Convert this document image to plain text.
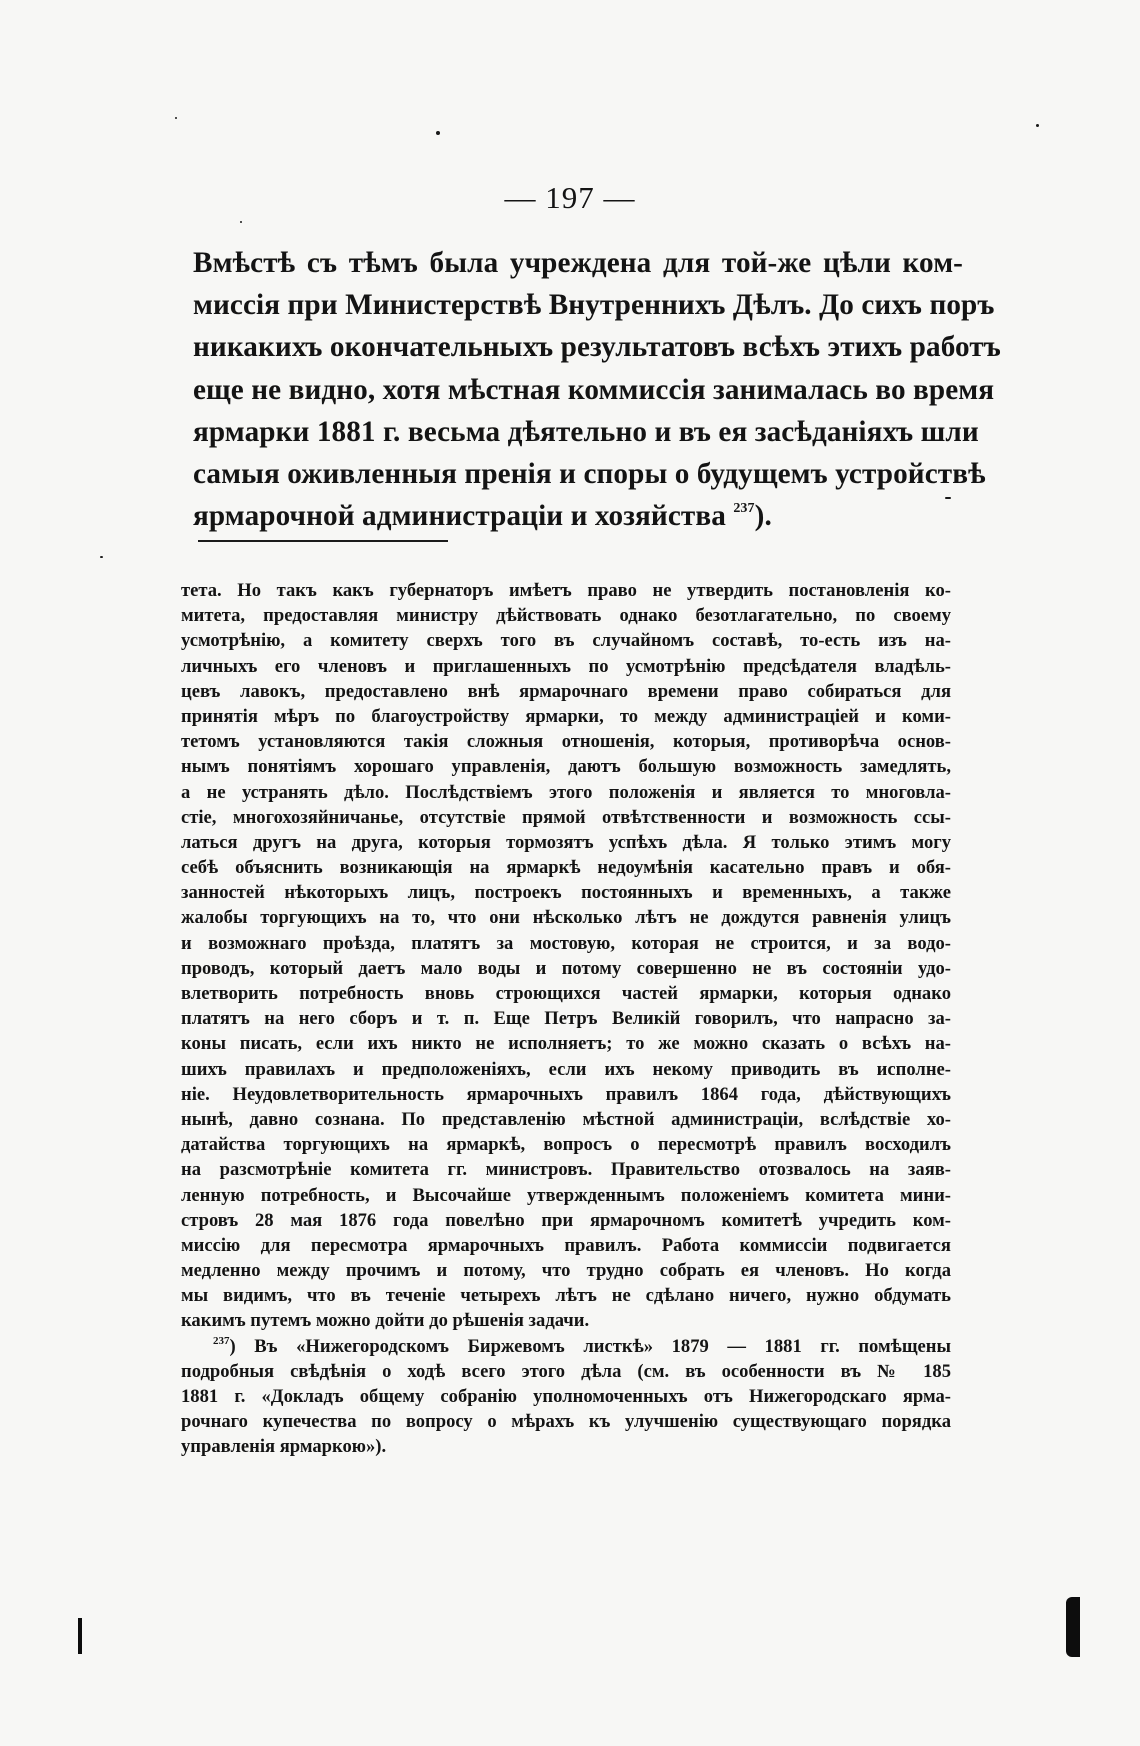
— 197 —
Вмѣстѣ съ тѣмъ была учреждена для той-же цѣли ком-
миссія при Министерствѣ Внутреннихъ Дѣлъ. До сихъ поръ
никакихъ окончательныхъ результатовъ всѣхъ этихъ работъ
еще не видно, хотя мѣстная коммиссія занималась во время
ярмарки 1881 г. весьма дѣятельно и въ ея засѣданіяхъ шли
самыя оживленныя пренія и споры о будущемъ устройствѣ
ярмарочной администраціи и хозяйства $^{237}$).
тета. Но такъ какъ губернаторъ имѣетъ право не утвердить постановленія ко-
митета, предоставляя министру дѣйствовать однако безотлагательно, по своему
усмотрѣнію, а комитету сверхъ того въ случайномъ составѣ, то-есть изъ на-
личныхъ его членовъ и приглашенныхъ по усмотрѣнію предсѣдателя владѣль-
цевъ лавокъ, предоставлено внѣ ярмарочнаго времени право собираться для
принятія мѣръ по благоустройству ярмарки, то между администраціей и коми-
тетомъ установляются такія сложныя отношенія, которыя, противорѣча основ-
нымъ понятіямъ хорошаго управленія, даютъ большую возможность замедлять,
а не устранять дѣло. Послѣдствіемъ этого положенія и является то многовла-
стіе, многохозяйничанье, отсутствіе прямой отвѣтственности и возможность ссы-
латься другъ на друга, которыя тормозятъ успѣхъ дѣла. Я только этимъ могу
себѣ объяснить возникающія на ярмаркѣ недоумѣнія касательно правъ и обя-
занностей нѣкоторыхъ лицъ, построекъ постоянныхъ и временныхъ, а также
жалобы торгующихъ на то, что они нѣсколько лѣтъ не дождутся равненія улицъ
и возможнаго проѣзда, платятъ за мостовую, которая не строится, и за водо-
проводъ, который даетъ мало воды и потому совершенно не въ состояніи удо-
влетворить потребность вновь строющихся частей ярмарки, которыя однако
платятъ на него сборъ и т. п. Еще Петръ Великій говорилъ, что напрасно за-
коны писать, если ихъ никто не исполняетъ; то же можно сказать о всѣхъ на-
шихъ правилахъ и предположеніяхъ, если ихъ некому приводить въ исполне-
ніе. Неудовлетворительность ярмарочныхъ правилъ 1864 года, дѣйствующихъ
нынѣ, давно сознана. По представленію мѣстной администраціи, вслѣдствіе хо-
датайства торгующихъ на ярмаркѣ, вопросъ о пересмотрѣ правилъ восходилъ
на разсмотрѣніе комитета гг. министровъ. Правительство отозвалось на заяв-
ленную потребность, и Высочайше утвержденнымъ положеніемъ комитета мини-
стровъ 28 мая 1876 года повелѣно при ярмарочномъ комитетѣ учредить ком-
миссію для пересмотра ярмарочныхъ правилъ. Работа коммиссіи подвигается
медленно между прочимъ и потому, что трудно собрать ея членовъ. Но когда
мы видимъ, что въ теченіе четырехъ лѣтъ не сдѣлано ничего, нужно обдумать
какимъ путемъ можно дойти до рѣшенія задачи.
$^{237}$) Въ «Нижегородскомъ Биржевомъ листкѣ» 1879 — 1881 гг. помѣщены
подробныя свѣдѣнія о ходѣ всего этого дѣла (см. въ особенности въ № 185
1881 г. «Докладъ общему собранію уполномоченныхъ отъ Нижегородскаго ярма-
рочнаго купечества по вопросу о мѣрахъ къ улучшенію существующаго порядка
управленія ярмаркою»).
